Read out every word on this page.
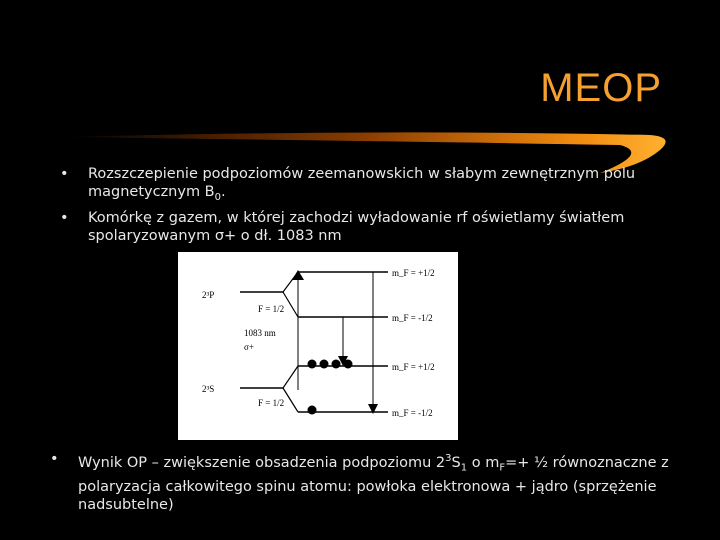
MEOP
• Rozszczepienie podpoziomów zeemanowskich w słabym zewnętrznym polu magnetycznym $B_0$.
• Komórkę z gazem, w której zachodzi wyładowanie rf oświetlamy światłem spolaryzowanym σ+ o dł. 1083 nm
2³P
F = 1/2
m_F = +1/2
m_F = -1/2
1083 nm
σ+
2³S
F = 1/2
m_F = +1/2
m_F = -1/2
• Wynik OP – zwiększenie obsadzenia podpoziomu $2^3S_1$ o $m_F=+$ ½ równoznaczne z polaryzacja całkowitego spinu atomu: powłoka elektronowa + jądro (sprzężenie nadsubtelne)
